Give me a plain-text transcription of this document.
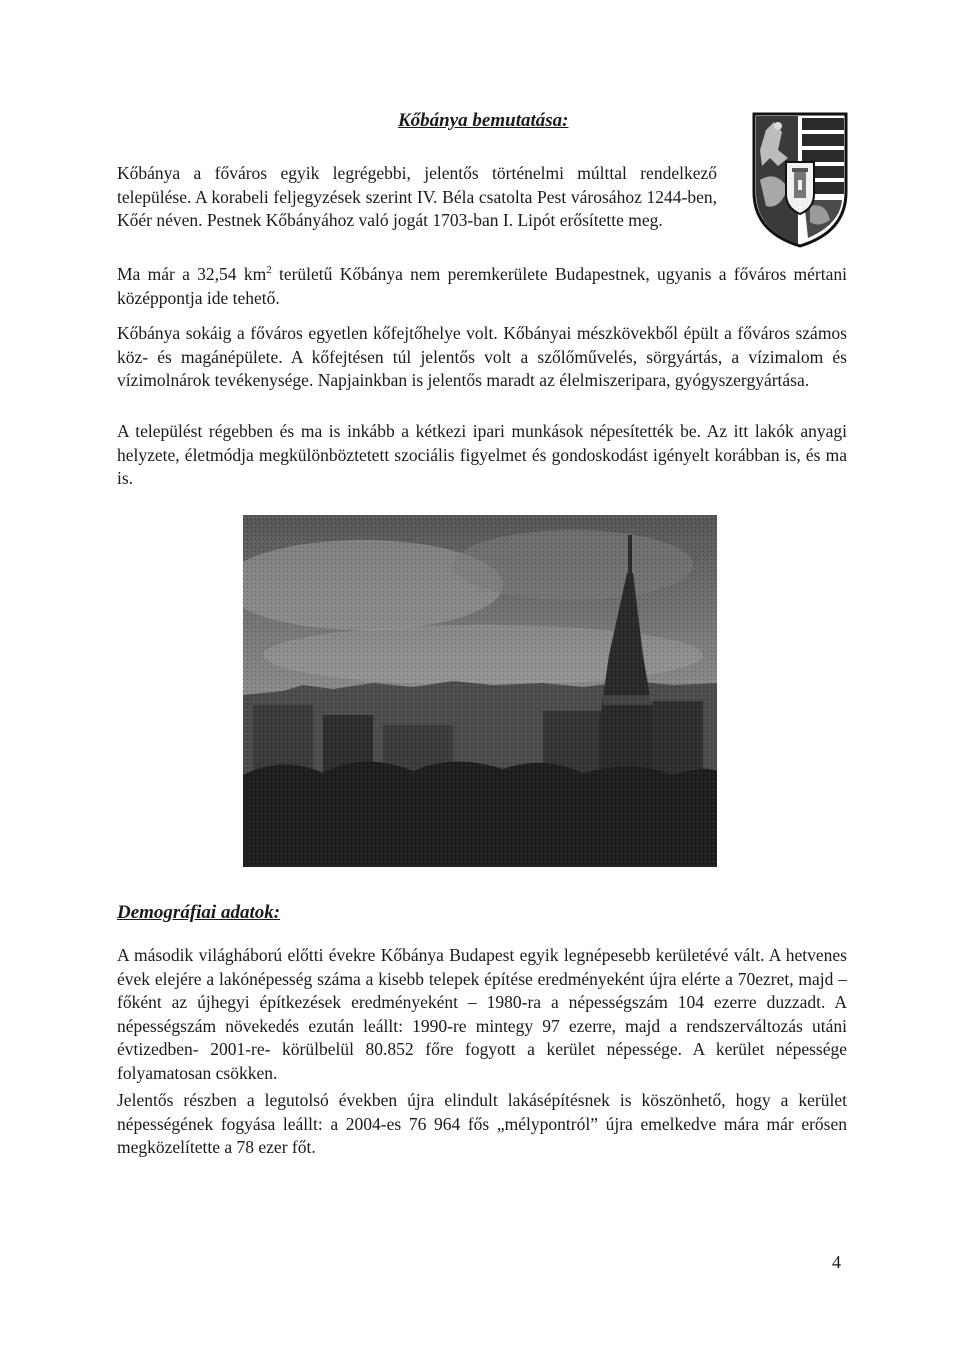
Kőbánya bemutatása:

Kőbánya a főváros egyik legrégebbi, jelentős történelmi múlttal rendelkező települése. A korabeli feljegyzések szerint IV. Béla csatolta Pest városához 1244-ben, Kőér néven. Pestnek Kőbányához való jogát 1703-ban I. Lipót erősítette meg.

Ma már a 32,54 $km^2$ területű Kőbánya nem peremkerülete Budapestnek, ugyanis a főváros mértani középpontja ide tehető.

Kőbánya sokáig a főváros egyetlen kőfejtőhelye volt. Kőbányai mészkövekből épült a főváros számos köz- és magánépülete. A kőfejtésen túl jelentős volt a szőlőművelés, sörgyártás, a vízimalom és vízimolnárok tevékenysége. Napjainkban is jelentős maradt az élelmiszeripara, gyógyszergyártása.

A települést régebben és ma is inkább a kétkezi ipari munkások népesítették be. Az itt lakók anyagi helyzete, életmódja megkülönböztetett szociális figyelmet és gondoskodást igényelt korábban is, és ma is.

Demográfiai adatok:

A második világháború előtti évekre Kőbánya Budapest egyik legnépesebb kerületévé vált. A hetvenes évek elejére a lakónépesség száma a kisebb telepek építése eredményeként újra elérte a 70ezret, majd – főként az újhegyi építkezések eredményeként – 1980-ra a népességszám 104 ezerre duzzadt. A népességszám növekedés ezután leállt: 1990-re mintegy 97 ezerre, majd a rendszerváltozás utáni évtizedben- 2001-re- körülbelül 80.852 főre fogyott a kerület népessége. A kerület népessége folyamatosan csökken.

Jelentős részben a legutolsó években újra elindult lakásépítésnek is köszönhető, hogy a kerület népességének fogyása leállt: a 2004-es 76 964 fős „mélypontról” újra emelkedve mára már erősen megközelítette a 78 ezer főt.

4
